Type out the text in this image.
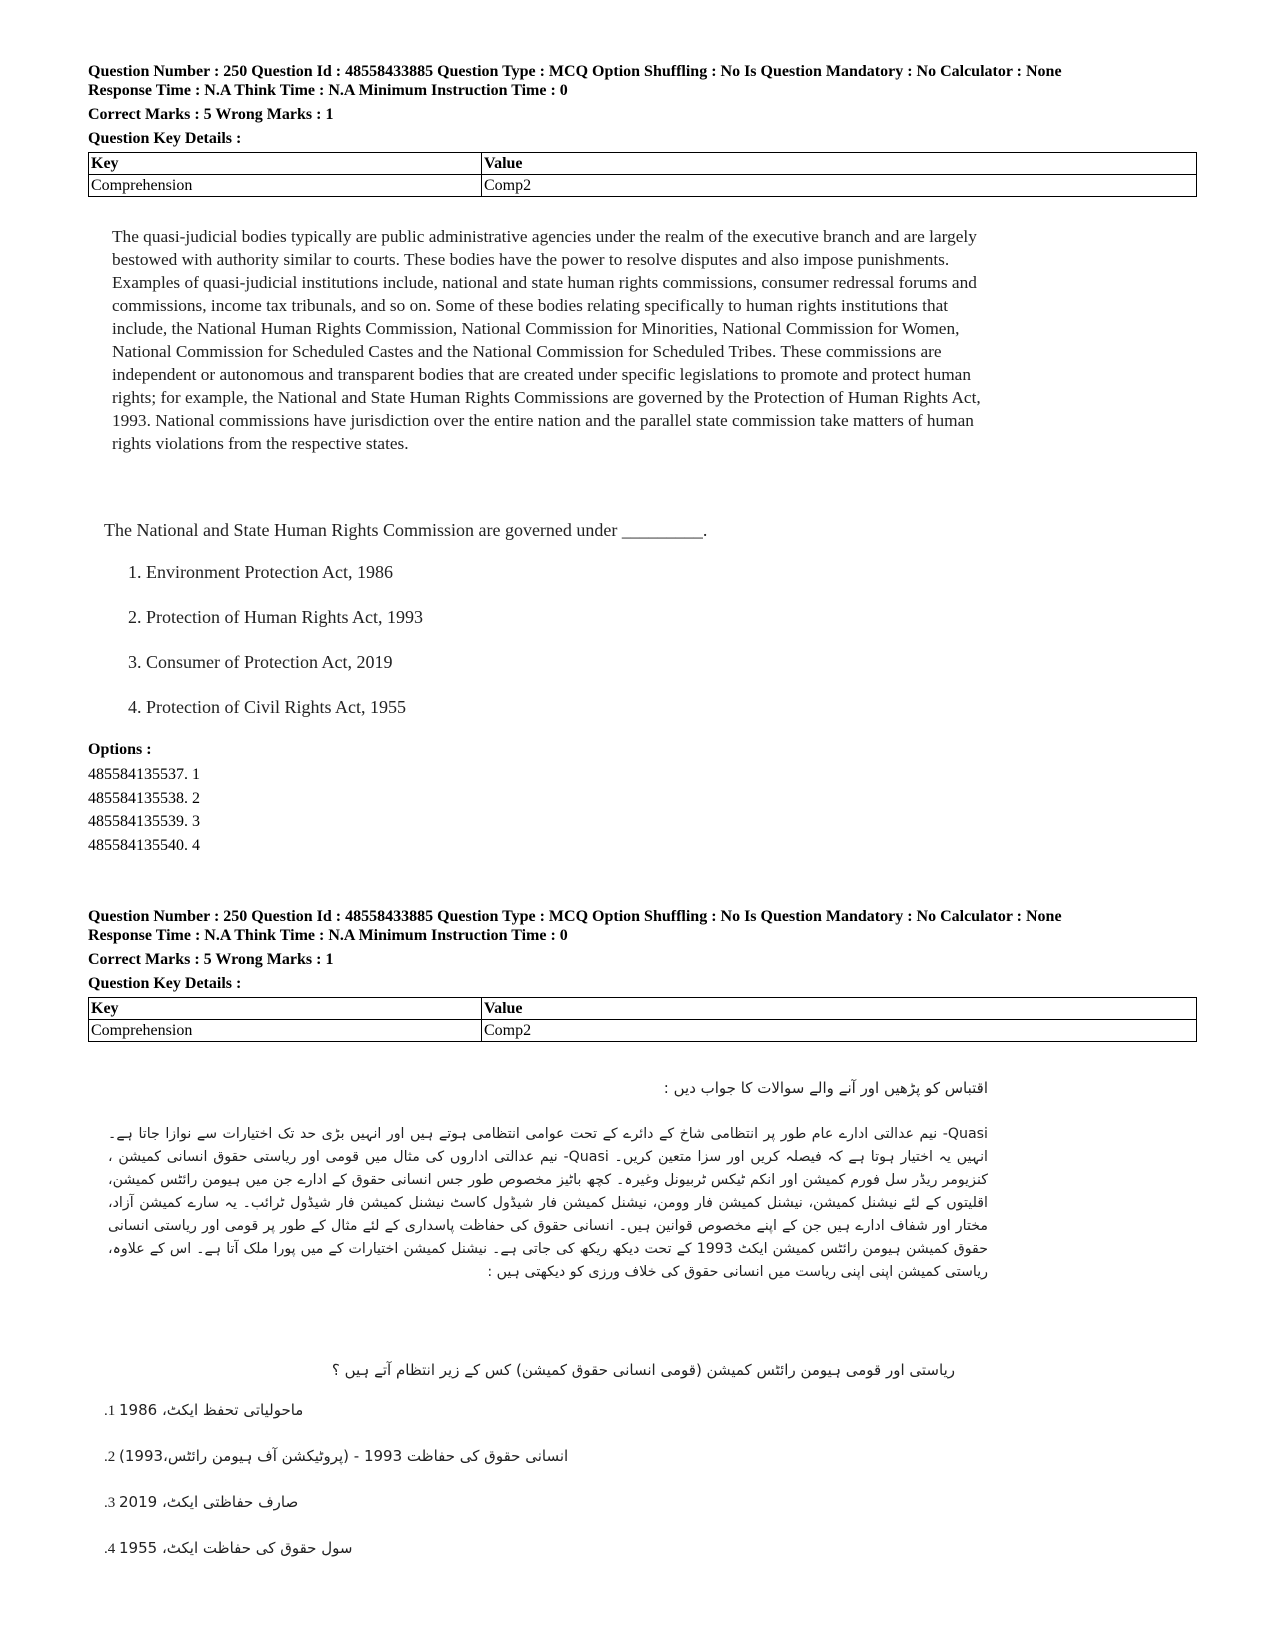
Question Number : 250 Question Id : 48558433885 Question Type : MCQ Option Shuffling : No Is Question Mandatory : No Calculator : None
Response Time : N.A Think Time : N.A Minimum Instruction Time : 0
Correct Marks : 5 Wrong Marks : 1
Question Key Details :
Key	Value
Comprehension	Comp2
The quasi-judicial bodies typically are public administrative agencies under the realm of the executive branch and are largely bestowed with authority similar to courts. These bodies have the power to resolve disputes and also impose punishments. Examples of quasi-judicial institutions include, national and state human rights commissions, consumer redressal forums and commissions, income tax tribunals, and so on. Some of these bodies relating specifically to human rights institutions that include, the National Human Rights Commission, National Commission for Minorities, National Commission for Women, National Commission for Scheduled Castes and the National Commission for Scheduled Tribes. These commissions are independent or autonomous and transparent bodies that are created under specific legislations to promote and protect human rights; for example, the National and State Human Rights Commissions are governed by the Protection of Human Rights Act, 1993. National commissions have jurisdiction over the entire nation and the parallel state commission take matters of human rights violations from the respective states.
The National and State Human Rights Commission are governed under _________.
1. Environment Protection Act, 1986
2. Protection of Human Rights Act, 1993
3. Consumer of Protection Act, 2019
4. Protection of Civil Rights Act, 1955
Options :
485584135537. 1
485584135538. 2
485584135539. 3
485584135540. 4
Question Number : 250 Question Id : 48558433885 Question Type : MCQ Option Shuffling : No Is Question Mandatory : No Calculator : None
Response Time : N.A Think Time : N.A Minimum Instruction Time : 0
Correct Marks : 5 Wrong Marks : 1
Question Key Details :
Key	Value
Comprehension	Comp2
اقتباس کو پڑھیں اور آنے والے سوالات کا جواب دیں :
Quasi- نیم عدالتی ادارے عام طور پر انتظامی شاخ کے دائرے کے تحت عوامی انتظامی ہوتے ہیں اور انہیں بڑی حد تک اختیارات سے نوازا جاتا ہے۔ انہیں یہ اختیار ہوتا ہے کہ فیصلہ کریں اور سزا متعین کریں۔ Quasi- نیم عدالتی اداروں کی مثال میں قومی اور ریاستی حقوق انسانی کمیشن ، کنزیومر ریڈر سل فورم کمیشن اور انکم ٹیکس ٹربیونل وغیرہ۔ کچھ باٹیز مخصوص طور جس انسانی حقوق کے ادارے جن میں ہیومن رائٹس کمیشن، اقلیتوں کے لئے نیشنل کمیشن، نیشنل کمیشن فار وومن، نیشنل کمیشن فار شیڈول کاسٹ نیشنل کمیشن فار شیڈول ٹرائب۔ یہ سارے کمیشن آزاد، مختار اور شفاف ادارے ہیں جن کے اپنے مخصوص قوانین ہیں۔ انسانی حقوق کی حفاظت پاسداری کے لئے مثال کے طور پر قومی اور ریاستی انسانی حقوق کمیشن ہیومن رائٹس کمیشن ایکٹ 1993 کے تحت دیکھ ریکھ کی جاتی ہے۔ نیشنل کمیشن اختیارات کے میں پورا ملک آتا ہے۔ اس کے علاوہ، ریاستی کمیشن اپنی اپنی ریاست میں انسانی حقوق کی خلاف ورزی کو دیکھتی ہیں :
ریاستی اور قومی ہیومن رائٹس کمیشن (قومی انسانی حقوق کمیشن) کس کے زیر انتظام آتے ہیں ؟
ماحولیاتی تحفظ ایکٹ، 1986 1.
انسانی حقوق کی حفاظت 1993 - (پروٹیکشن آف ہیومن رائٹس،1993) 2.
صارف حفاظتی ایکٹ، 2019 3.
سول حقوق کی حفاظت ایکٹ، 1955 4.
